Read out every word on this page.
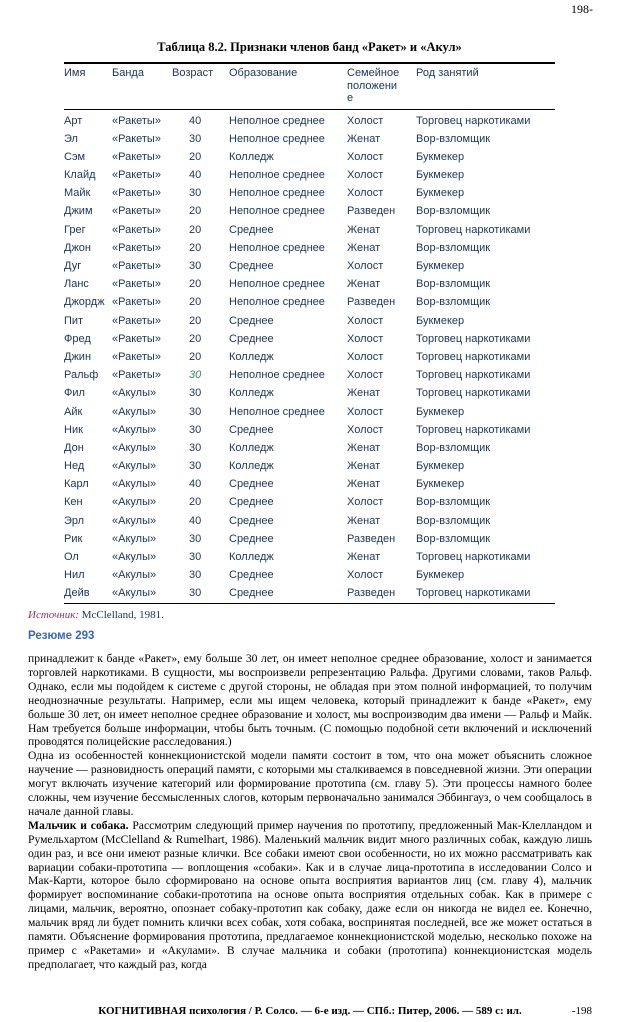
198-
Таблица 8.2. Признаки членов банд «Ракет» и «Акул»
Имя	Банда	Возраст	Образование	Семейное положение	Род занятий
Арт	«Ракеты»	40	Неполное среднее	Холост	Торговец наркотиками
Эл	«Ракеты»	30	Неполное среднее	Женат	Вор-взломщик
Сэм	«Ракеты»	20	Колледж	Холост	Букмекер
Клайд	«Ракеты»	40	Неполное среднее	Холост	Букмекер
Майк	«Ракеты»	30	Неполное среднее	Холост	Букмекер
Джим	«Ракеты»	20	Неполное среднее	Разведен	Вор-взломщик
Грег	«Ракеты»	20	Среднее	Женат	Торговец наркотиками
Джон	«Ракеты»	20	Неполное среднее	Женат	Вор-взломщик
Дуг	«Ракеты»	30	Среднее	Холост	Букмекер
Ланс	«Ракеты»	20	Неполное среднее	Женат	Вор-взломщик
Джордж	«Ракеты»	20	Неполное среднее	Разведен	Вор-взломщик
Пит	«Ракеты»	20	Среднее	Холост	Букмекер
Фред	«Ракеты»	20	Среднее	Холост	Торговец наркотиками
Джин	«Ракеты»	20	Колледж	Холост	Торговец наркотиками
Ральф	«Ракеты»	30	Неполное среднее	Холост	Торговец наркотиками
Фил	«Акулы»	30	Колледж	Женат	Торговец наркотиками
Айк	«Акулы»	30	Неполное среднее	Холост	Букмекер
Ник	«Акулы»	30	Среднее	Холост	Торговец наркотиками
Дон	«Акулы»	30	Колледж	Женат	Вор-взломщик
Нед	«Акулы»	30	Колледж	Женат	Букмекер
Карл	«Акулы»	40	Среднее	Женат	Букмекер
Кен	«Акулы»	20	Среднее	Холост	Вор-взломщик
Эрл	«Акулы»	40	Среднее	Женат	Вор-взломщик
Рик	«Акулы»	30	Среднее	Разведен	Вор-взломщик
Ол	«Акулы»	30	Колледж	Женат	Торговец наркотиками
Нил	«Акулы»	30	Среднее	Холост	Букмекер
Дейв	«Акулы»	30	Среднее	Разведен	Торговец наркотиками
Источник: McClelland, 1981.
Резюме 293

принадлежит к банде «Ракет», ему больше 30 лет, он имеет неполное среднее образование, холост и занимается торговлей наркотиками. В сущности, мы воспроизвели репрезентацию Ральфа. Другими словами, таков Ральф. Однако, если мы подойдем к системе с другой стороны, не обладая при этом полной информацией, то получим неоднозначные результаты. Например, если мы ищем человека, который принадлежит к банде «Ракет», ему больше 30 лет, он имеет неполное среднее образование и холост, мы воспроизводим два имени — Ральф и Майк. Нам требуется больше информации, чтобы быть точным. (С помощью подобной сети включений и исключений проводятся полицейские расследования.)

Одна из особенностей коннекционистской модели памяти состоит в том, что она может объяснить сложное научение — разновидность операций памяти, с которыми мы сталкиваемся в повседневной жизни. Эти операции могут включать изучение категорий или формирование прототипа (см. главу 5). Эти процессы намного более сложны, чем изучение бессмысленных слогов, которым первоначально занимался Эббингауз, о чем сообщалось в начале данной главы.

Мальчик и собака. Рассмотрим следующий пример научения по прототипу, предложенный Мак-Клелландом и Румельхартом (McClelland & Rumelhart, 1986). Маленький мальчик видит много различных собак, каждую лишь один раз, и все они имеют разные клички. Все собаки имеют свои особенности, но их можно рассматривать как вариации собаки-прототипа — воплощения «собаки». Как и в случае лица-прототипа в исследовании Солсо и Мак-Карти, которое было сформировано на основе опыта восприятия вариантов лиц (см. главу 4), мальчик формирует воспоминание собаки-прототипа на основе опыта восприятия отдельных собак. Как в примере с лицами, мальчик, вероятно, опознает собаку-прототип как собаку, даже если он никогда не видел ее. Конечно, мальчик вряд ли будет помнить клички всех собак, хотя собака, воспринятая последней, все же может остаться в памяти. Объяснение формирования прототипа, предлагаемое коннекционистской моделью, несколько похоже на пример с «Ракетами» и «Акулами». В случае мальчика и собаки (прототипа) коннекционистская модель предполагает, что каждый раз, когда

КОГНИТИВНАЯ психология / Р. Солсо. — 6-е изд. — СПб.: Питер, 2006. — 589 с: ил.	-198
